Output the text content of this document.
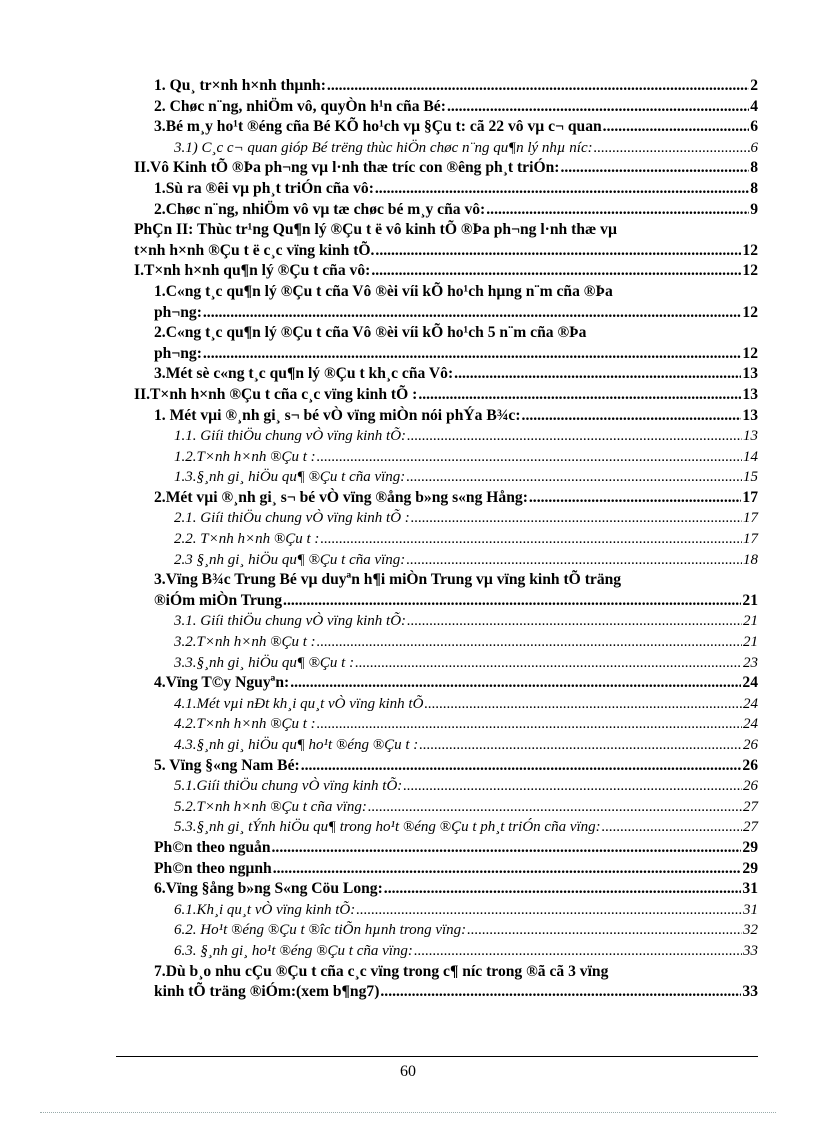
1. Qu¸ tr×nh h×nh thµnh: .....	2
2. Chøc n¨ng, nhiÖm vô, quyÒn h¹n cña Bé: .....	4
3.Bé m¸y ho¹t ®éng cña Bé KÕ ho¹ch vµ §Çu t: cã 22 vô vµ c¬ quan .....	6
3.1) C¸c c¬ quan gióp Bé trëng thùc hiÖn chøc n¨ng qu¶n lý nhµ níc: .....	6
II.Vô Kinh tÕ ®Þa ph¬ng vµ l·nh thæ tríc con ®êng ph¸t triÓn: .....	8
1.Sù ra ®êi vµ ph¸t triÓn cña vô: .....	8
2.Chøc n¨ng, nhiÖm vô vµ tæ chøc bé m¸y cña vô: .....	9
PhÇn II: Thùc tr¹ng Qu¶n lý ®Çu t ë vô kinh tÕ ®Þa ph¬ng l·nh thæ vµ
t×nh h×nh ®Çu t ë c¸c vïng kinh tÕ. .....	12
I.T×nh h×nh qu¶n lý ®Çu t cña vô: .....	12
1.C«ng t¸c qu¶n lý ®Çu t cña Vô ®èi víi kÕ ho¹ch hµng n¨m cña ®Þa
ph¬ng: .....	12
2.C«ng t¸c qu¶n lý ®Çu t cña Vô ®èi víi kÕ ho¹ch 5 n¨m cña ®Þa
ph¬ng: .....	12
3.Mét sè c«ng t¸c qu¶n lý ®Çu t kh¸c cña Vô: .....	13
II.T×nh h×nh ®Çu t cña c¸c vïng kinh tÕ : .....	13
1. Mét vµi ®¸nh gi¸ s¬ bé vÒ vïng miÒn nói phÝa B¾c: .....	13
1.1. Giíi thiÖu chung vÒ vïng kinh tÕ: .....	13
1.2.T×nh h×nh ®Çu t : .....	14
1.3.§¸nh gi¸ hiÖu qu¶ ®Çu t cña vïng: .....	15
2.Mét vµi ®¸nh gi¸ s¬ bé vÒ vïng ®ång b»ng s«ng Hång: .....	17
2.1. Giíi thiÖu chung vÒ vïng kinh tÕ : .....	17
2.2. T×nh h×nh ®Çu t : .....	17
2.3 §¸nh gi¸ hiÖu qu¶ ®Çu t cña vïng: .....	18
3.Vïng B¾c Trung Bé vµ duyªn h¶i miÒn Trung vµ vïng kinh tÕ träng
®iÓm miÒn Trung .....	21
3.1. Giíi thiÖu chung vÒ vïng kinh tÕ: .....	21
3.2.T×nh h×nh ®Çu t : .....	21
3.3.§¸nh gi¸ hiÖu qu¶ ®Çu t : .....	23
4.Vïng T©y Nguyªn: .....	24
4.1.Mét vµi nÐt kh¸i qu¸t vÒ vïng kinh tÕ .....	24
4.2.T×nh h×nh ®Çu t : .....	24
4.3.§¸nh gi¸ hiÖu qu¶ ho¹t ®éng ®Çu t : .....	26
5. Vïng §«ng Nam Bé: .....	26
5.1.Giíi thiÖu chung vÒ vïng kinh tÕ: .....	26
5.2.T×nh h×nh ®Çu t cña vïng: .....	27
5.3.§¸nh gi¸ tÝnh hiÖu qu¶ trong ho¹t ®éng ®Çu t ph¸t triÓn cña vïng: .....	27
Ph©n theo nguån .....	29
Ph©n theo ngµnh .....	29
6.Vïng §ång b»ng S«ng Cöu Long: .....	31
6.1.Kh¸i qu¸t vÒ vïng kinh tÕ: .....	31
6.2. Ho¹t ®éng ®Çu t ®îc tiÕn hµnh trong vïng: .....	32
6.3. §¸nh gi¸ ho¹t ®éng ®Çu t cña vïng: .....	33
7.Dù b¸o nhu cÇu ®Çu t cña c¸c vïng trong c¶ níc trong ®ã cã 3 vïng
kinh tÕ träng ®iÓm:(xem b¶ng7) .....	33
60
